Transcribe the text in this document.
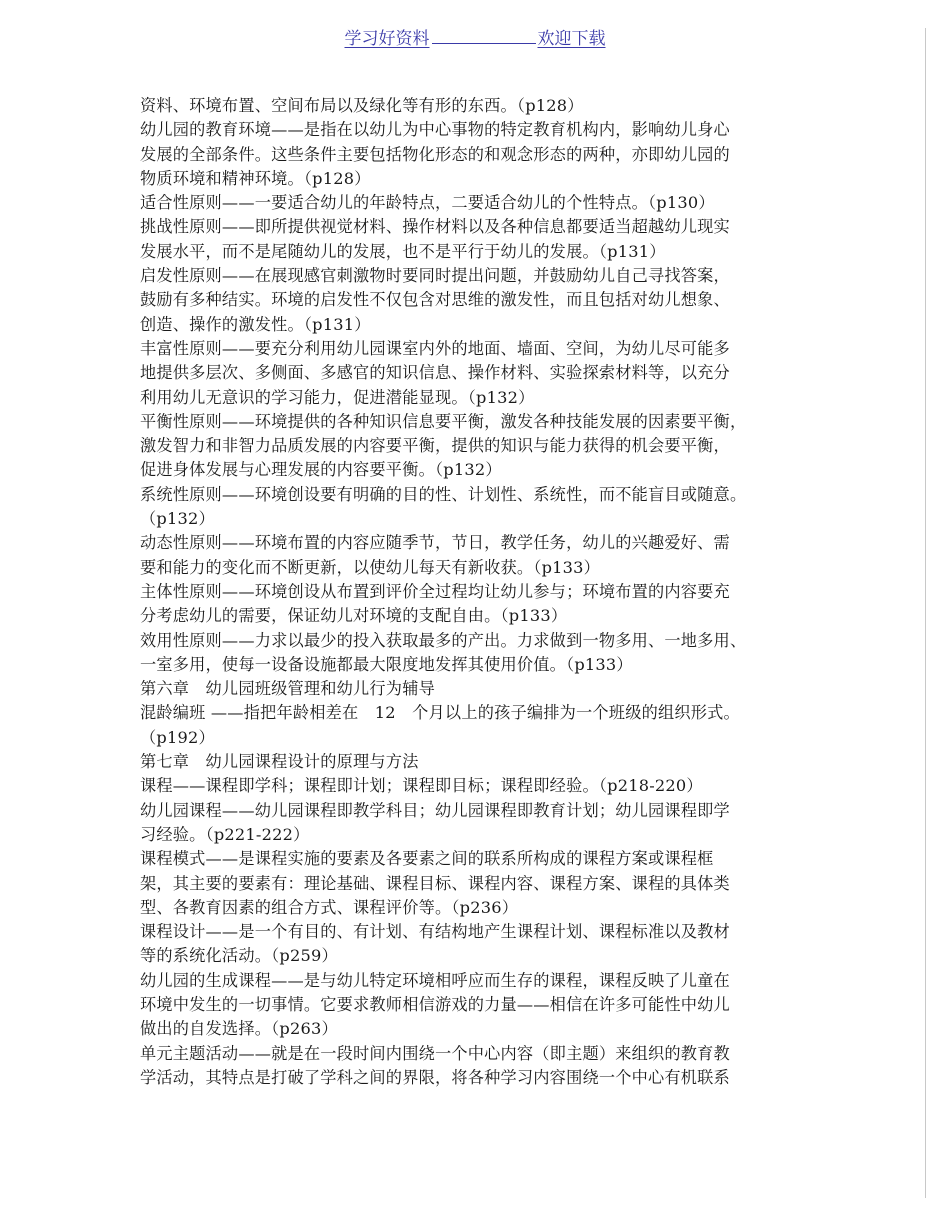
学习好资料	欢迎下载
资料、环境布置、空间布局以及绿化等有形的东西。（p128）
幼儿园的教育环境——是指在以幼儿为中心事物的特定教育机构内，影响幼儿身心
发展的全部条件。这些条件主要包括物化形态的和观念形态的两种，亦即幼儿园的
物质环境和精神环境。（p128）
适合性原则——一要适合幼儿的年龄特点，二要适合幼儿的个性特点。（p130）
挑战性原则——即所提供视觉材料、操作材料以及各种信息都要适当超越幼儿现实
发展水平，而不是尾随幼儿的发展，也不是平行于幼儿的发展。（p131）
启发性原则——在展现感官刺激物时要同时提出问题，并鼓励幼儿自己寻找答案，
鼓励有多种结实。环境的启发性不仅包含对思维的激发性，而且包括对幼儿想象、
创造、操作的激发性。（p131）
丰富性原则——要充分利用幼儿园课室内外的地面、墙面、空间，为幼儿尽可能多
地提供多层次、多侧面、多感官的知识信息、操作材料、实验探索材料等，以充分
利用幼儿无意识的学习能力，促进潜能显现。（p132）
平衡性原则——环境提供的各种知识信息要平衡，激发各种技能发展的因素要平衡，
激发智力和非智力品质发展的内容要平衡，提供的知识与能力获得的机会要平衡，
促进身体发展与心理发展的内容要平衡。（p132）
系统性原则——环境创设要有明确的目的性、计划性、系统性，而不能盲目或随意。
（p132）
动态性原则——环境布置的内容应随季节，节日，教学任务，幼儿的兴趣爱好、需
要和能力的变化而不断更新，以使幼儿每天有新收获。（p133）
主体性原则——环境创设从布置到评价全过程均让幼儿参与；环境布置的内容要充
分考虑幼儿的需要，保证幼儿对环境的支配自由。（p133）
效用性原则——力求以最少的投入获取最多的产出。力求做到一物多用、一地多用、
一室多用，使每一设备设施都最大限度地发挥其使用价值。（p133）
第六章　幼儿园班级管理和幼儿行为辅导
混龄编班 ——指把年龄相差在　12　个月以上的孩子编排为一个班级的组织形式。
（p192）
第七章　幼儿园课程设计的原理与方法
课程——课程即学科；课程即计划；课程即目标；课程即经验。（p218-220）
幼儿园课程——幼儿园课程即教学科目；幼儿园课程即教育计划；幼儿园课程即学
习经验。（p221-222）
课程模式——是课程实施的要素及各要素之间的联系所构成的课程方案或课程框
架，其主要的要素有：理论基础、课程目标、课程内容、课程方案、课程的具体类
型、各教育因素的组合方式、课程评价等。（p236）
课程设计——是一个有目的、有计划、有结构地产生课程计划、课程标准以及教材
等的系统化活动。（p259）
幼儿园的生成课程——是与幼儿特定环境相呼应而生存的课程，课程反映了儿童在
环境中发生的一切事情。它要求教师相信游戏的力量——相信在许多可能性中幼儿
做出的自发选择。（p263）
单元主题活动——就是在一段时间内围绕一个中心内容（即主题）来组织的教育教
学活动，其特点是打破了学科之间的界限，将各种学习内容围绕一个中心有机联系
